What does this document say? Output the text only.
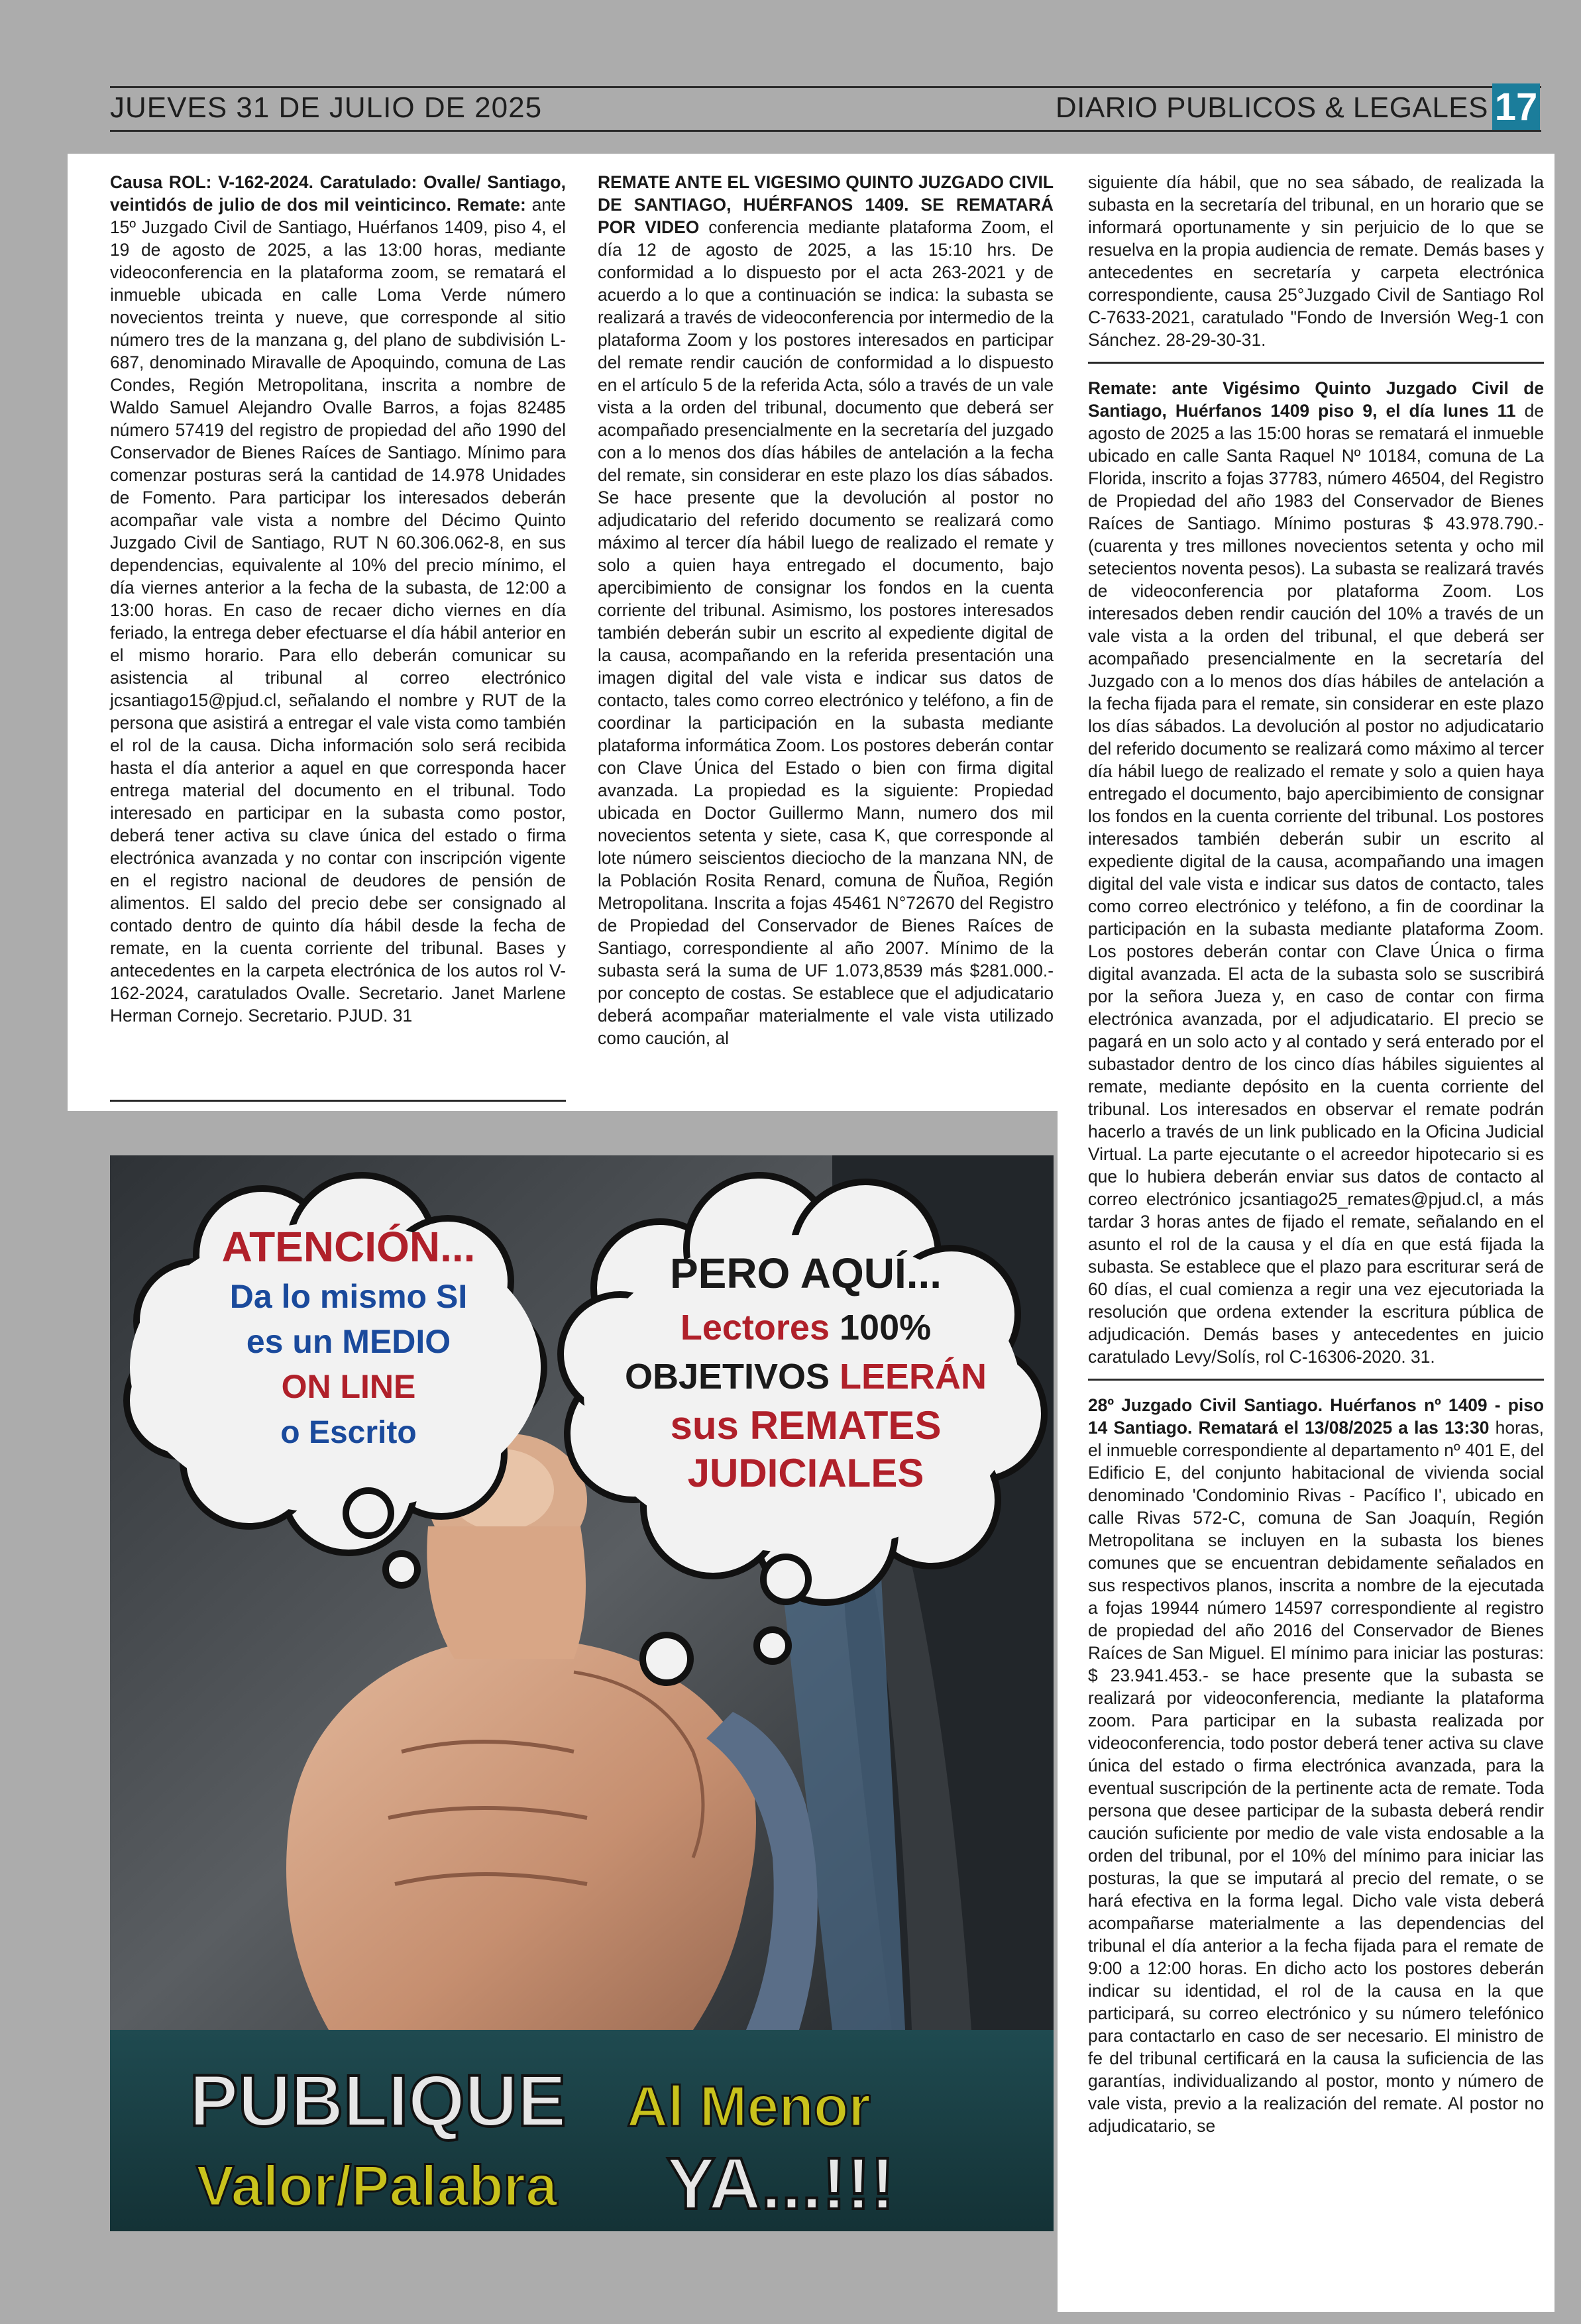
JUEVES 31 DE JULIO DE 2025	DIARIO PUBLICOS & LEGALES 17

Causa ROL: V-162-2024. Caratulado: Ovalle/ Santiago, veintidós de julio de dos mil veinticinco. Remate: ante 15º Juzgado Civil de Santiago, Huérfanos 1409, piso 4, el 19 de agosto de 2025, a las 13:00 horas, mediante videoconferencia en la plataforma zoom, se rematará el inmueble ubicada en calle Loma Verde número novecientos treinta y nueve, que corresponde al sitio número tres de la manzana g, del plano de subdivisión L-687, denominado Miravalle de Apoquindo, comuna de Las Condes, Región Metropolitana, inscrita a nombre de Waldo Samuel Alejandro Ovalle Barros, a fojas 82485 número 57419 del registro de propiedad del año 1990 del Conservador de Bienes Raíces de Santiago. Mínimo para comenzar posturas será la cantidad de 14.978 Unidades de Fomento. Para participar los interesados deberán acompañar vale vista a nombre del Décimo Quinto Juzgado Civil de Santiago, RUT N 60.306.062-8, en sus dependencias, equivalente al 10% del precio mínimo, el día viernes anterior a la fecha de la subasta, de 12:00 a 13:00 horas. En caso de recaer dicho viernes en día feriado, la entrega deber efectuarse el día hábil anterior en el mismo horario. Para ello deberán comunicar su asistencia al tribunal al correo electrónico jcsantiago15@pjud.cl, señalando el nombre y RUT de la persona que asistirá a entregar el vale vista como también el rol de la causa. Dicha información solo será recibida hasta el día anterior a aquel en que corresponda hacer entrega material del documento en el tribunal. Todo interesado en participar en la subasta como postor, deberá tener activa su clave única del estado o firma electrónica avanzada y no contar con inscripción vigente en el registro nacional de deudores de pensión de alimentos. El saldo del precio debe ser consignado al contado dentro de quinto día hábil desde la fecha de remate, en la cuenta corriente del tribunal. Bases y antecedentes en la carpeta electrónica de los autos rol V-162-2024, caratulados Ovalle. Secretario. Janet Marlene Herman Cornejo. Secretario. PJUD. 31

REMATE ANTE EL VIGESIMO QUINTO JUZGADO CIVIL DE SANTIAGO, HUÉRFANOS 1409. SE REMATARÁ POR VIDEO conferencia mediante plataforma Zoom, el día 12 de agosto de 2025, a las 15:10 hrs. De conformidad a lo dispuesto por el acta 263-2021 y de acuerdo a lo que a continuación se indica: la subasta se realizará a través de videoconferencia por intermedio de la plataforma Zoom y los postores interesados en participar del remate rendir caución de conformidad a lo dispuesto en el artículo 5 de la referida Acta, sólo a través de un vale vista a la orden del tribunal, documento que deberá ser acompañado presencialmente en la secretaría del juzgado con a lo menos dos días hábiles de antelación a la fecha del remate, sin considerar en este plazo los días sábados. Se hace presente que la devolución al postor no adjudicatario del referido documento se realizará como máximo al tercer día hábil luego de realizado el remate y solo a quien haya entregado el documento, bajo apercibimiento de consignar los fondos en la cuenta corriente del tribunal. Asimismo, los postores interesados también deberán subir un escrito al expediente digital de la causa, acompañando en la referida presentación una imagen digital del vale vista e indicar sus datos de contacto, tales como correo electrónico y teléfono, a fin de coordinar la participación en la subasta mediante plataforma informática Zoom. Los postores deberán contar con Clave Única del Estado o bien con firma digital avanzada. La propiedad es la siguiente: Propiedad ubicada en Doctor Guillermo Mann, numero dos mil novecientos setenta y siete, casa K, que corresponde al lote número seiscientos dieciocho de la manzana NN, de la Población Rosita Renard, comuna de Ñuñoa, Región Metropolitana. Inscrita a fojas 45461 N°72670 del Registro de Propiedad del Conservador de Bienes Raíces de Santiago, correspondiente al año 2007. Mínimo de la subasta será la suma de UF 1.073,8539 más $281.000.- por concepto de costas. Se establece que el adjudicatario deberá acompañar materialmente el vale vista utilizado como caución, al

siguiente día hábil, que no sea sábado, de realizada la subasta en la secretaría del tribunal, en un horario que se informará oportunamente y sin perjuicio de lo que se resuelva en la propia audiencia de remate. Demás bases y antecedentes en secretaría y carpeta electrónica correspondiente, causa 25°Juzgado Civil de Santiago Rol C-7633-2021, caratulado "Fondo de Inversión Weg-1 con Sánchez. 28-29-30-31.

Remate: ante Vigésimo Quinto Juzgado Civil de Santiago, Huérfanos 1409 piso 9, el día lunes 11 de agosto de 2025 a las 15:00 horas se rematará el inmueble ubicado en calle Santa Raquel Nº 10184, comuna de La Florida, inscrito a fojas 37783, número 46504, del Registro de Propiedad del año 1983 del Conservador de Bienes Raíces de Santiago. Mínimo posturas $ 43.978.790.- (cuarenta y tres millones novecientos setenta y ocho mil setecientos noventa pesos). La subasta se realizará través de videoconferencia por plataforma Zoom. Los interesados deben rendir caución del 10% a través de un vale vista a la orden del tribunal, el que deberá ser acompañado presencialmente en la secretaría del Juzgado con a lo menos dos días hábiles de antelación a la fecha fijada para el remate, sin considerar en este plazo los días sábados. La devolución al postor no adjudicatario del referido documento se realizará como máximo al tercer día hábil luego de realizado el remate y solo a quien haya entregado el documento, bajo apercibimiento de consignar los fondos en la cuenta corriente del tribunal. Los postores interesados también deberán subir un escrito al expediente digital de la causa, acompañando una imagen digital del vale vista e indicar sus datos de contacto, tales como correo electrónico y teléfono, a fin de coordinar la participación en la subasta mediante plataforma Zoom. Los postores deberán contar con Clave Única o firma digital avanzada. El acta de la subasta solo se suscribirá por la señora Jueza y, en caso de contar con firma electrónica avanzada, por el adjudicatario. El precio se pagará en un solo acto y al contado y será enterado por el subastador dentro de los cinco días hábiles siguientes al remate, mediante depósito en la cuenta corriente del tribunal. Los interesados en observar el remate podrán hacerlo a través de un link publicado en la Oficina Judicial Virtual. La parte ejecutante o el acreedor hipotecario si es que lo hubiera deberán enviar sus datos de contacto al correo electrónico jcsantiago25_remates@pjud.cl, a más tardar 3 horas antes de fijado el remate, señalando en el asunto el rol de la causa y el día en que está fijada la subasta. Se establece que el plazo para escriturar será de 60 días, el cual comienza a regir una vez ejecutoriada la resolución que ordena extender la escritura pública de adjudicación. Demás bases y antecedentes en juicio caratulado Levy/Solís, rol C-16306-2020. 31.

28º Juzgado Civil Santiago. Huérfanos nº 1409 - piso 14 Santiago. Rematará el 13/08/2025 a las 13:30 horas, el inmueble correspondiente al departamento nº 401 E, del Edificio E, del conjunto habitacional de vivienda social denominado 'Condominio Rivas - Pacífico I', ubicado en calle Rivas 572-C, comuna de San Joaquín, Región Metropolitana se incluyen en la subasta los bienes comunes que se encuentran debidamente señalados en sus respectivos planos, inscrita a nombre de la ejecutada a fojas 19944 número 14597 correspondiente al registro de propiedad del año 2016 del Conservador de Bienes Raíces de San Miguel. El mínimo para iniciar las posturas: $ 23.941.453.- se hace presente que la subasta se realizará por videoconferencia, mediante la plataforma zoom. Para participar en la subasta realizada por videoconferencia, todo postor deberá tener activa su clave única del estado o firma electrónica avanzada, para la eventual suscripción de la pertinente acta de remate. Toda persona que desee participar de la subasta deberá rendir caución suficiente por medio de vale vista endosable a la orden del tribunal, por el 10% del mínimo para iniciar las posturas, la que se imputará al precio del remate, o se hará efectiva en la forma legal. Dicho vale vista deberá acompañarse materialmente a las dependencias del tribunal el día anterior a la fecha fijada para el remate de 9:00 a 12:00 horas. En dicho acto los postores deberán indicar su identidad, el rol de la causa en la que participará, su correo electrónico y su número telefónico para contactarlo en caso de ser necesario. El ministro de fe del tribunal certificará en la causa la suficiencia de las garantías, individualizando al postor, monto y número de vale vista, previo a la realización del remate. Al postor no adjudicatario, se

ATENCIÓN...
Da lo mismo SI
es un MEDIO
ON LINE
o Escrito
PERO AQUÍ...
Lectores 100%
OBJETIVOS LEERÁN
sus REMATES
JUDICIALES
PUBLIQUE Al Menor
Valor/Palabra YA...!!!
